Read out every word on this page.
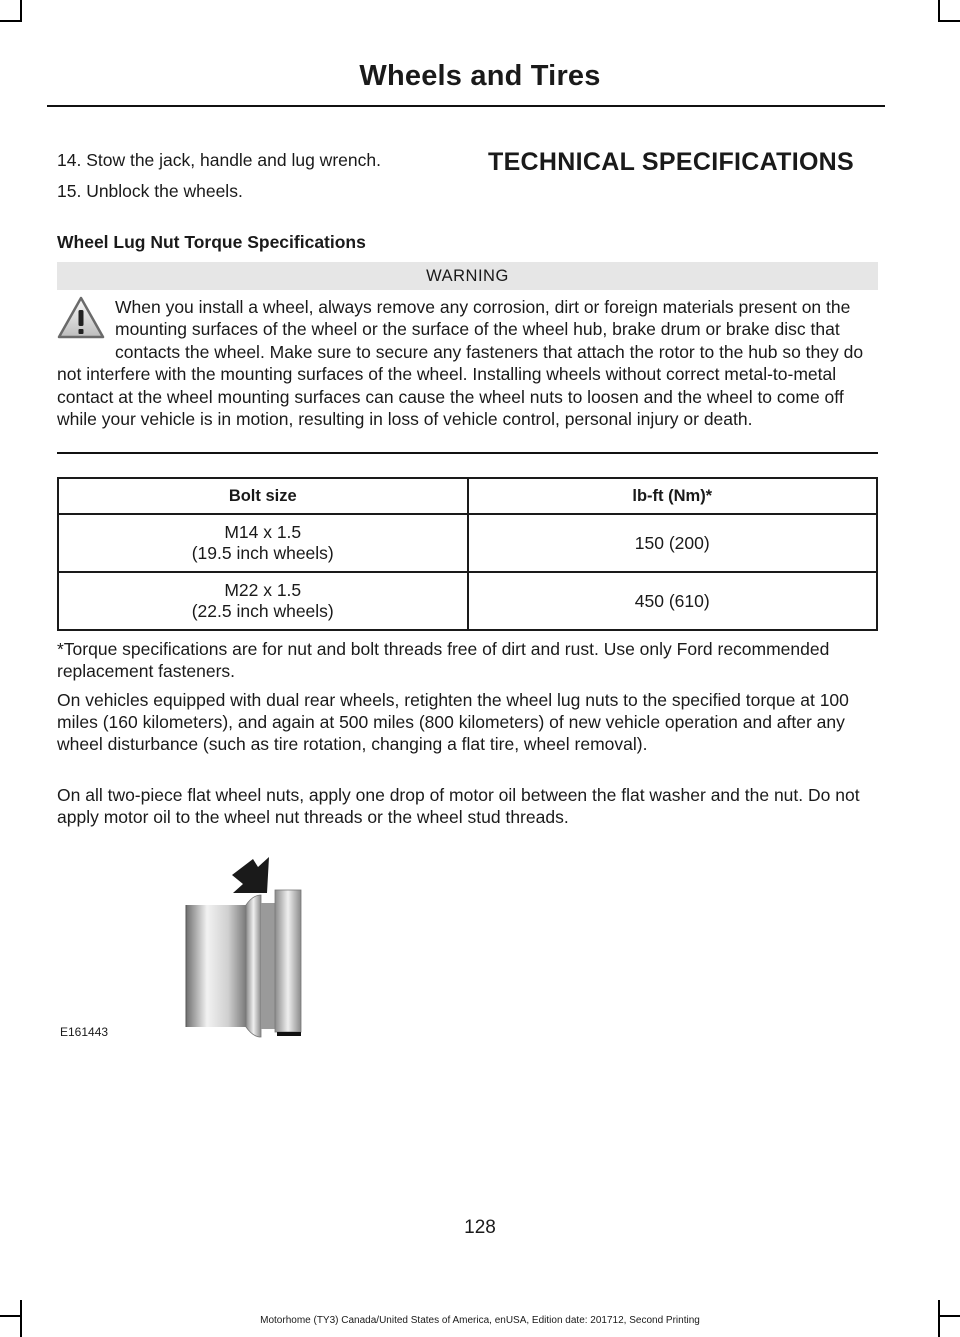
Wheels and Tires

14. Stow the jack, handle and lug wrench.

15. Unblock the wheels.

TECHNICAL SPECIFICATIONS
Wheel Lug Nut Torque Specifications
WARNING

When you install a wheel, always remove any corrosion, dirt or foreign materials present on the mounting surfaces of the wheel or the surface of the wheel hub, brake drum or brake disc that contacts the wheel. Make sure to secure any fasteners that attach the rotor to the hub so they do not interfere with the mounting surfaces of the wheel. Installing wheels without correct metal-to-metal contact at the wheel mounting surfaces can cause the wheel nuts to loosen and the wheel to come off while your vehicle is in motion, resulting in loss of vehicle control, personal injury or death.

Bolt size	lb-ft (Nm)*
M14 x 1.5
(19.5 inch wheels)	150 (200)
M22 x 1.5
(22.5 inch wheels)	450 (610)

*Torque specifications are for nut and bolt threads free of dirt and rust. Use only Ford recommended replacement fasteners.

On vehicles equipped with dual rear wheels, retighten the wheel lug nuts to the specified torque at 100 miles (160 kilometers), and again at 500 miles (800 kilometers) of new vehicle operation and after any wheel disturbance (such as tire rotation, changing a flat tire, wheel removal).

On all two-piece flat wheel nuts, apply one drop of motor oil between the flat washer and the nut. Do not apply motor oil to the wheel nut threads or the wheel stud threads.

E161443
128
Motorhome (TY3) Canada/United States of America, enUSA, Edition date: 201712, Second Printing
